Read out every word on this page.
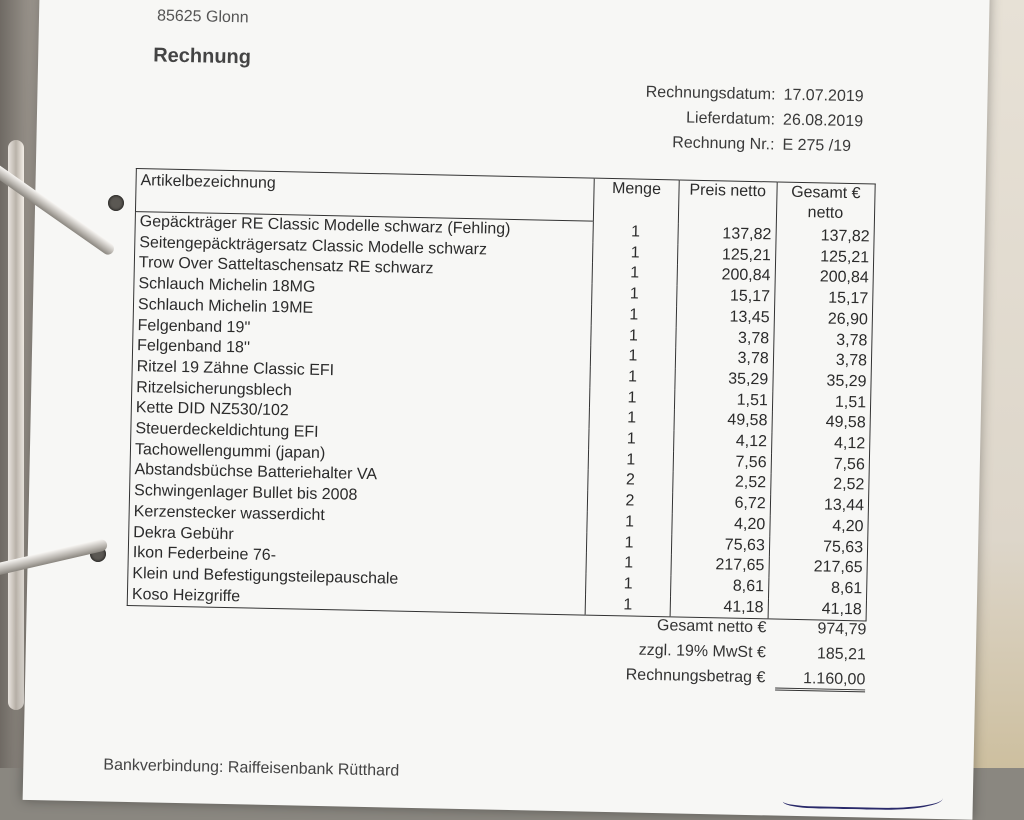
85625 Glonn
Rechnung
Rechnungsdatum: 17.07.2019
Lieferdatum: 26.08.2019
Rechnung Nr.: E 275 /19
Artikelbezeichnung	Menge	Preis netto	Gesamt € netto
Gepäckträger RE Classic Modelle schwarz (Fehling)	1	137,82	137,82
Seitengepäckträgersatz Classic Modelle schwarz	1	125,21	125,21
Trow Over Satteltaschensatz RE schwarz	1	200,84	200,84
Schlauch Michelin 18MG	1	15,17	15,17
Schlauch Michelin 19ME	1	13,45	26,90
Felgenband 19''	1	3,78	3,78
Felgenband 18''	1	3,78	3,78
Ritzel 19 Zähne Classic EFI	1	35,29	35,29
Ritzelsicherungsblech	1	1,51	1,51
Kette DID NZ530/102	1	49,58	49,58
Steuerdeckeldichtung EFI	1	4,12	4,12
Tachowellengummi (japan)	1	7,56	7,56
Abstandsbüchse Batteriehalter VA	2	2,52	2,52
Schwingenlager Bullet bis 2008	2	6,72	13,44
Kerzenstecker wasserdicht	1	4,20	4,20
Dekra Gebühr	1	75,63	75,63
Ikon Federbeine 76-	1	217,65	217,65
Klein und Befestigungsteilepauschale	1	8,61	8,61
Koso Heizgriffe	1	41,18	41,18
Gesamt netto €	974,79
zzgl. 19% MwSt €	185,21
Rechnungsbetrag €	1.160,00
Bankverbindung: Raiffeisenbank Rütthard
